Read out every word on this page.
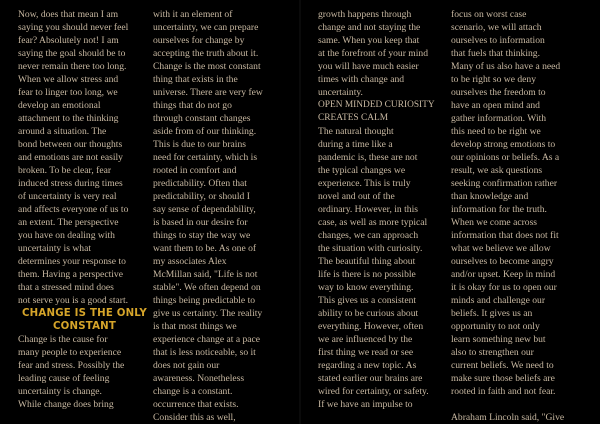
Now, does that mean I am
saying you should never feel
fear? Absolutely not! I am
saying the goal should be to
never remain there too long.
When we allow stress and
fear to linger too long, we
develop an emotional
attachment to the thinking
around a situation. The
bond between our thoughts
and emotions are not easily
broken. To be clear, fear
induced stress during times
of uncertainty is very real
and affects everyone of us to
an extent. The perspective
you have on dealing with
uncertainty is what
determines your response to
them. Having a perspective
that a stressed mind does
not serve you is a good start.

CHANGE IS THE ONLY
CONSTANT

Change is the cause for
many people to experience
fear and stress. Possibly the
leading cause of feeling
uncertainty is change.
While change does bring

with it an element of
uncertainty, we can prepare
ourselves for change by
accepting the truth about it.
Change is the most constant
thing that exists in the
universe. There are very few
things that do not go
through constant changes
aside from of our thinking.
This is due to our brains
need for certainty, which is
rooted in comfort and
predictability. Often that
predictability, or should I
say sense of dependability,
is based in our desire for
things to stay the way we
want them to be. As one of
my associates Alex
McMillan said, "Life is not
stable". We often depend on
things being predictable to
give us certainty. The reality
is that most things we
experience change at a pace
that is less noticeable, so it
does not gain our
awareness. Nonetheless
change is a constant.
occurrence that exists.
Consider this as well,

growth happens through
change and not staying the
same. When you keep that
at the forefront of your mind
you will have much easier
times with change and
uncertainty.

OPEN MINDED CURIOSITY
CREATES CALM

The natural thought
during a time like a
pandemic is, these are not
the typical changes we
experience. This is truly
novel and out of the
ordinary. However, in this
case, as well as more typical
changes, we can approach
the situation with curiosity.
The beautiful thing about
life is there is no possible
way to know everything.
This gives us a consistent
ability to be curious about
everything. However, often
we are influenced by the
first thing we read or see
regarding a new topic. As
stated earlier our brains are
wired for certainty, or safety.
If we have an impulse to

focus on worst case
scenario, we will attach
ourselves to information
that fuels that thinking.
Many of us also have a need
to be right so we deny
ourselves the freedom to
have an open mind and
gather information. With
this need to be right we
develop strong emotions to
our opinions or beliefs. As a
result, we ask questions
seeking confirmation rather
than knowledge and
information for the truth.
When we come across
information that does not fit
what we believe we allow
ourselves to become angry
and/or upset. Keep in mind
it is okay for us to open our
minds and challenge our
beliefs. It gives us an
opportunity to not only
learn something new but
also to strengthen our
current beliefs. We need to
make sure those beliefs are
rooted in faith and not fear.

Abraham Lincoln said, "Give
